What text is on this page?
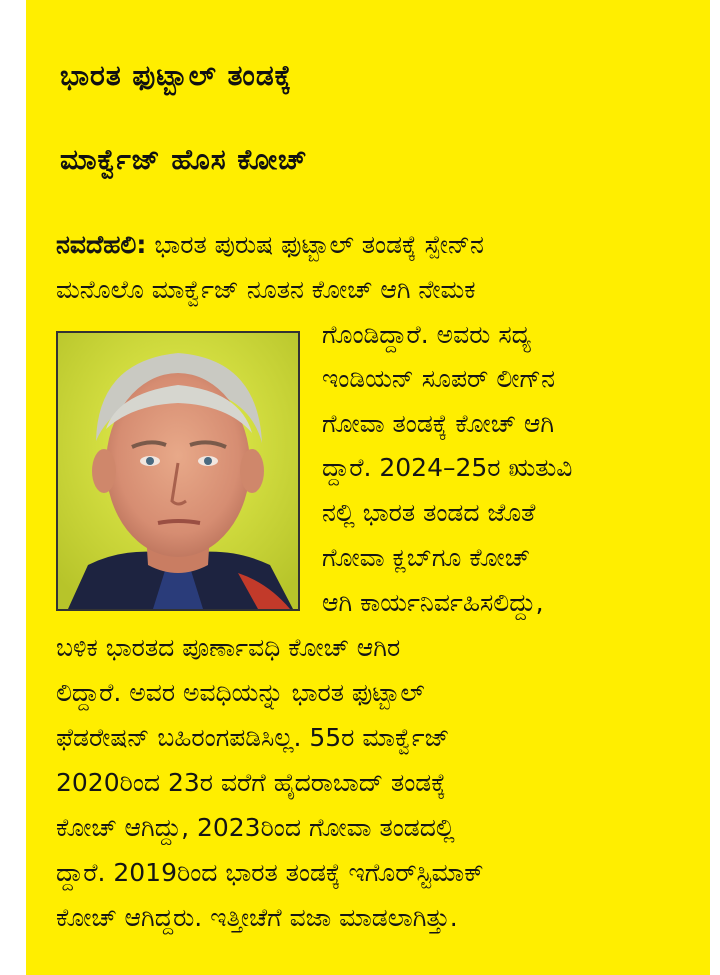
ಭಾರತ ಫುಟ್ಬಾಲ್ ತಂಡಕ್ಕೆ
ಮಾರ್ಕ್ವೆಜ್ ಹೊಸ ಕೋಚ್
ನವದೆಹಲಿ: ಭಾರತ ಪುರುಷ ಫುಟ್ಬಾಲ್ ತಂಡಕ್ಕೆ ಸ್ಪೇನ್‌ನ
ಮನೊಲೊ ಮಾರ್ಕ್ವೆಜ್ ನೂತನ ಕೋಚ್ ಆಗಿ ನೇಮಕ
ಗೊಂಡಿದ್ದಾರೆ. ಅವರು ಸದ್ಯ
ಇಂಡಿಯನ್ ಸೂಪರ್ ಲೀಗ್‌ನ
ಗೋವಾ ತಂಡಕ್ಕೆ ಕೋಚ್ ಆಗಿ
ದ್ದಾರೆ. 2024–25ರ ಋತುವಿ
ನಲ್ಲಿ ಭಾರತ ತಂಡದ ಜೊತೆ
ಗೋವಾ ಕ್ಲಬ್‌ಗೂ ಕೋಚ್
ಆಗಿ ಕಾರ್ಯನಿರ್ವಹಿಸಲಿದ್ದು,
ಬಳಿಕ ಭಾರತದ ಪೂರ್ಣಾವಧಿ ಕೋಚ್ ಆಗಿರ
ಲಿದ್ದಾರೆ. ಅವರ ಅವಧಿಯನ್ನು ಭಾರತ ಫುಟ್ಬಾಲ್
ಫೆಡರೇಷನ್ ಬಹಿರಂಗಪಡಿಸಿಲ್ಲ. 55ರ ಮಾರ್ಕ್ವೆಜ್
2020ರಿಂದ 23ರ ವರೆಗೆ ಹೈದರಾಬಾದ್ ತಂಡಕ್ಕೆ
ಕೋಚ್ ಆಗಿದ್ದು, 2023ರಿಂದ ಗೋವಾ ತಂಡದಲ್ಲಿ
ದ್ದಾರೆ. 2019ರಿಂದ ಭಾರತ ತಂಡಕ್ಕೆ ಇಗೊರ್‌ಸ್ಟಿಮಾಕ್
ಕೋಚ್ ಆಗಿದ್ದರು. ಇತ್ತೀಚೆಗೆ ವಜಾ ಮಾಡಲಾಗಿತ್ತು.
